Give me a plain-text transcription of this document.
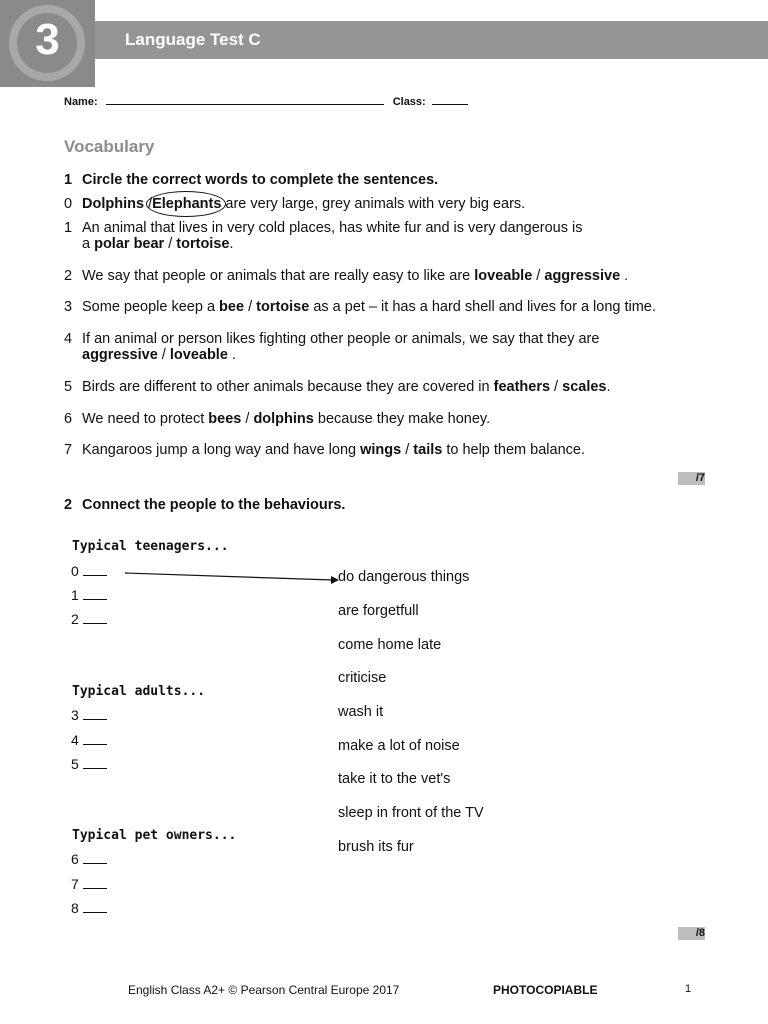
3	Language Test C
Name:	Class:
Vocabulary
1 Circle the correct words to complete the sentences.
0 Dolphins /Elephants are very large, grey animals with very big ears.
1 An animal that lives in very cold places, has white fur and is very dangerous is
a polar bear / tortoise.
2 We say that people or animals that are really easy to like are loveable / aggressive .
3 Some people keep a bee / tortoise as a pet – it has a hard shell and lives for a long time.
4 If an animal or person likes fighting other people or animals, we say that they are
aggressive / loveable .
5 Birds are different to other animals because they are covered in feathers / scales.
6 We need to protect bees / dolphins because they make honey.
7 Kangaroos jump a long way and have long wings / tails to help them balance.
/7
2 Connect the people to the behaviours.
Typical teenagers...
0
1
2
Typical adults...
3
4
5
Typical pet owners...
6
7
8
do dangerous things
are forgetfull
come home late
criticise
wash it
make a lot of noise
take it to the vet's
sleep in front of the TV
brush its fur
/8
English Class A2+ © Pearson Central Europe 2017	PHOTOCOPIABLE	1
